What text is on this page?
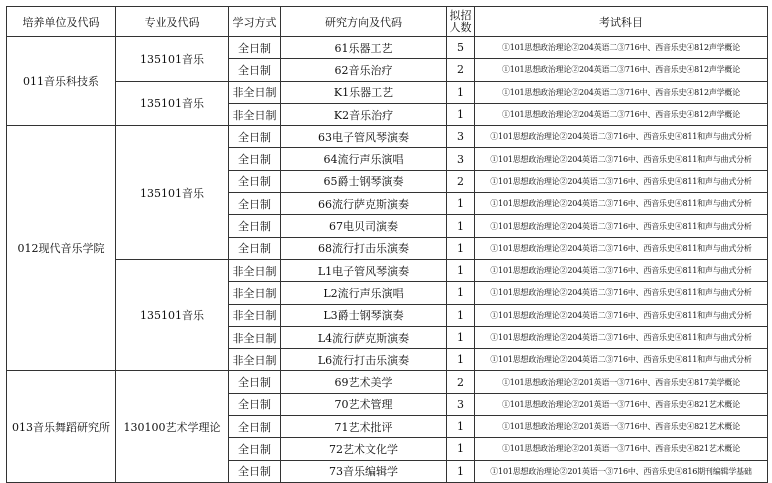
培养单位及代码	专业及代码	学习方式	研究方向及代码	拟招
人数	考试科目
011音乐科技系	135101音乐	全日制	61乐器工艺	5	①101思想政治理论②204英语二③716中、西音乐史④812声学概论
		全日制	62音乐治疗	2	①101思想政治理论②204英语二③716中、西音乐史④812声学概论
	135101音乐	非全日制	K1乐器工艺	1	①101思想政治理论②204英语二③716中、西音乐史④812声学概论
		非全日制	K2音乐治疗	1	①101思想政治理论②204英语二③716中、西音乐史④812声学概论
012现代音乐学院	135101音乐	全日制	63电子管风琴演奏	3	①101思想政治理论②204英语二③716中、西音乐史④811和声与曲式分析
		全日制	64流行声乐演唱	3	①101思想政治理论②204英语二③716中、西音乐史④811和声与曲式分析
		全日制	65爵士钢琴演奏	2	①101思想政治理论②204英语二③716中、西音乐史④811和声与曲式分析
		全日制	66流行萨克斯演奏	1	①101思想政治理论②204英语二③716中、西音乐史④811和声与曲式分析
		全日制	67电贝司演奏	1	①101思想政治理论②204英语二③716中、西音乐史④811和声与曲式分析
		全日制	68流行打击乐演奏	1	①101思想政治理论②204英语二③716中、西音乐史④811和声与曲式分析
	135101音乐	非全日制	L1电子管风琴演奏	1	①101思想政治理论②204英语二③716中、西音乐史④811和声与曲式分析
		非全日制	L2流行声乐演唱	1	①101思想政治理论②204英语二③716中、西音乐史④811和声与曲式分析
		非全日制	L3爵士钢琴演奏	1	①101思想政治理论②204英语二③716中、西音乐史④811和声与曲式分析
		非全日制	L4流行萨克斯演奏	1	①101思想政治理论②204英语二③716中、西音乐史④811和声与曲式分析
		非全日制	L6流行打击乐演奏	1	①101思想政治理论②204英语二③716中、西音乐史④811和声与曲式分析
013音乐舞蹈研究所	130100艺术学理论	全日制	69艺术美学	2	①101思想政治理论②201英语一③716中、西音乐史④817美学概论
		全日制	70艺术管理	3	①101思想政治理论②201英语一③716中、西音乐史④821艺术概论
		全日制	71艺术批评	1	①101思想政治理论②201英语一③716中、西音乐史④821艺术概论
		全日制	72艺术文化学	1	①101思想政治理论②201英语一③716中、西音乐史④821艺术概论
		全日制	73音乐编辑学	1	①101思想政治理论②201英语一③716中、西音乐史④816期刊编辑学基础
